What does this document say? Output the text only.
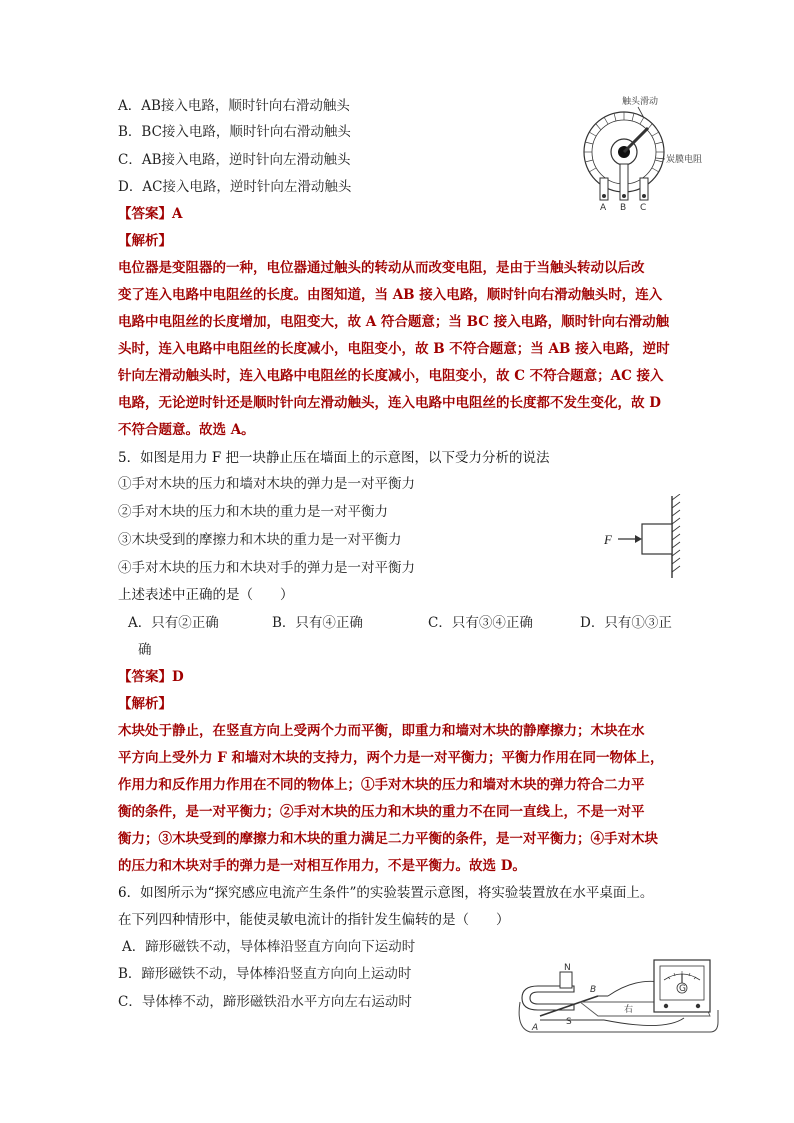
A．AB接入电路，顺时针向右滑动触头
B．BC接入电路，顺时针向右滑动触头
C．AB接入电路，逆时针向左滑动触头
D．AC接入电路，逆时针向左滑动触头
触头滑动
炭膜电阻
A B C
【答案】A
【解析】
电位器是变阻器的一种，电位器通过触头的转动从而改变电阻，是由于当触头转动以后改
变了连入电路中电阻丝的长度。由图知道，当 AB 接入电路，顺时针向右滑动触头时，连入
电路中电阻丝的长度增加，电阻变大，故 A 符合题意；当 BC 接入电路，顺时针向右滑动触
头时，连入电路中电阻丝的长度减小，电阻变小，故 B 不符合题意；当 AB 接入电路，逆时
针向左滑动触头时，连入电路中电阻丝的长度减小，电阻变小，故 C 不符合题意；AC 接入
电路，无论逆时针还是顺时针向左滑动触头，连入电路中电阻丝的长度都不发生变化，故 D
不符合题意。故选 A。
5．如图是用力 F 把一块静止压在墙面上的示意图，以下受力分析的说法
①手对木块的压力和墙对木块的弹力是一对平衡力
②手对木块的压力和木块的重力是一对平衡力
③木块受到的摩擦力和木块的重力是一对平衡力
④手对木块的压力和木块对手的弹力是一对平衡力
F
上述表述中正确的是（　　）
A．只有②正确	B．只有④正确	C．只有③④正确	D．只有①③正
确
【答案】D
【解析】
木块处于静止，在竖直方向上受两个力而平衡，即重力和墙对木块的静摩擦力；木块在水
平方向上受外力 F 和墙对木块的支持力，两个力是一对平衡力；平衡力作用在同一物体上，
作用力和反作用力作用在不同的物体上；①手对木块的压力和墙对木块的弹力符合二力平
衡的条件，是一对平衡力；②手对木块的压力和木块的重力不在同一直线上，不是一对平
衡力；③木块受到的摩擦力和木块的重力满足二力平衡的条件，是一对平衡力；④手对木块
的压力和木块对手的弹力是一对相互作用力，不是平衡力。故选 D。
6．如图所示为“探究感应电流产生条件”的实验装置示意图，将实验装置放在水平桌面上。
在下列四种情形中，能使灵敏电流计的指针发生偏转的是（　　）
A．蹄形磁铁不动，导体棒沿竖直方向向下运动时
B．蹄形磁铁不动，导体棒沿竖直方向向上运动时
C．导体棒不动，蹄形磁铁沿水平方向左右运动时
N
S
A
B
右
G
